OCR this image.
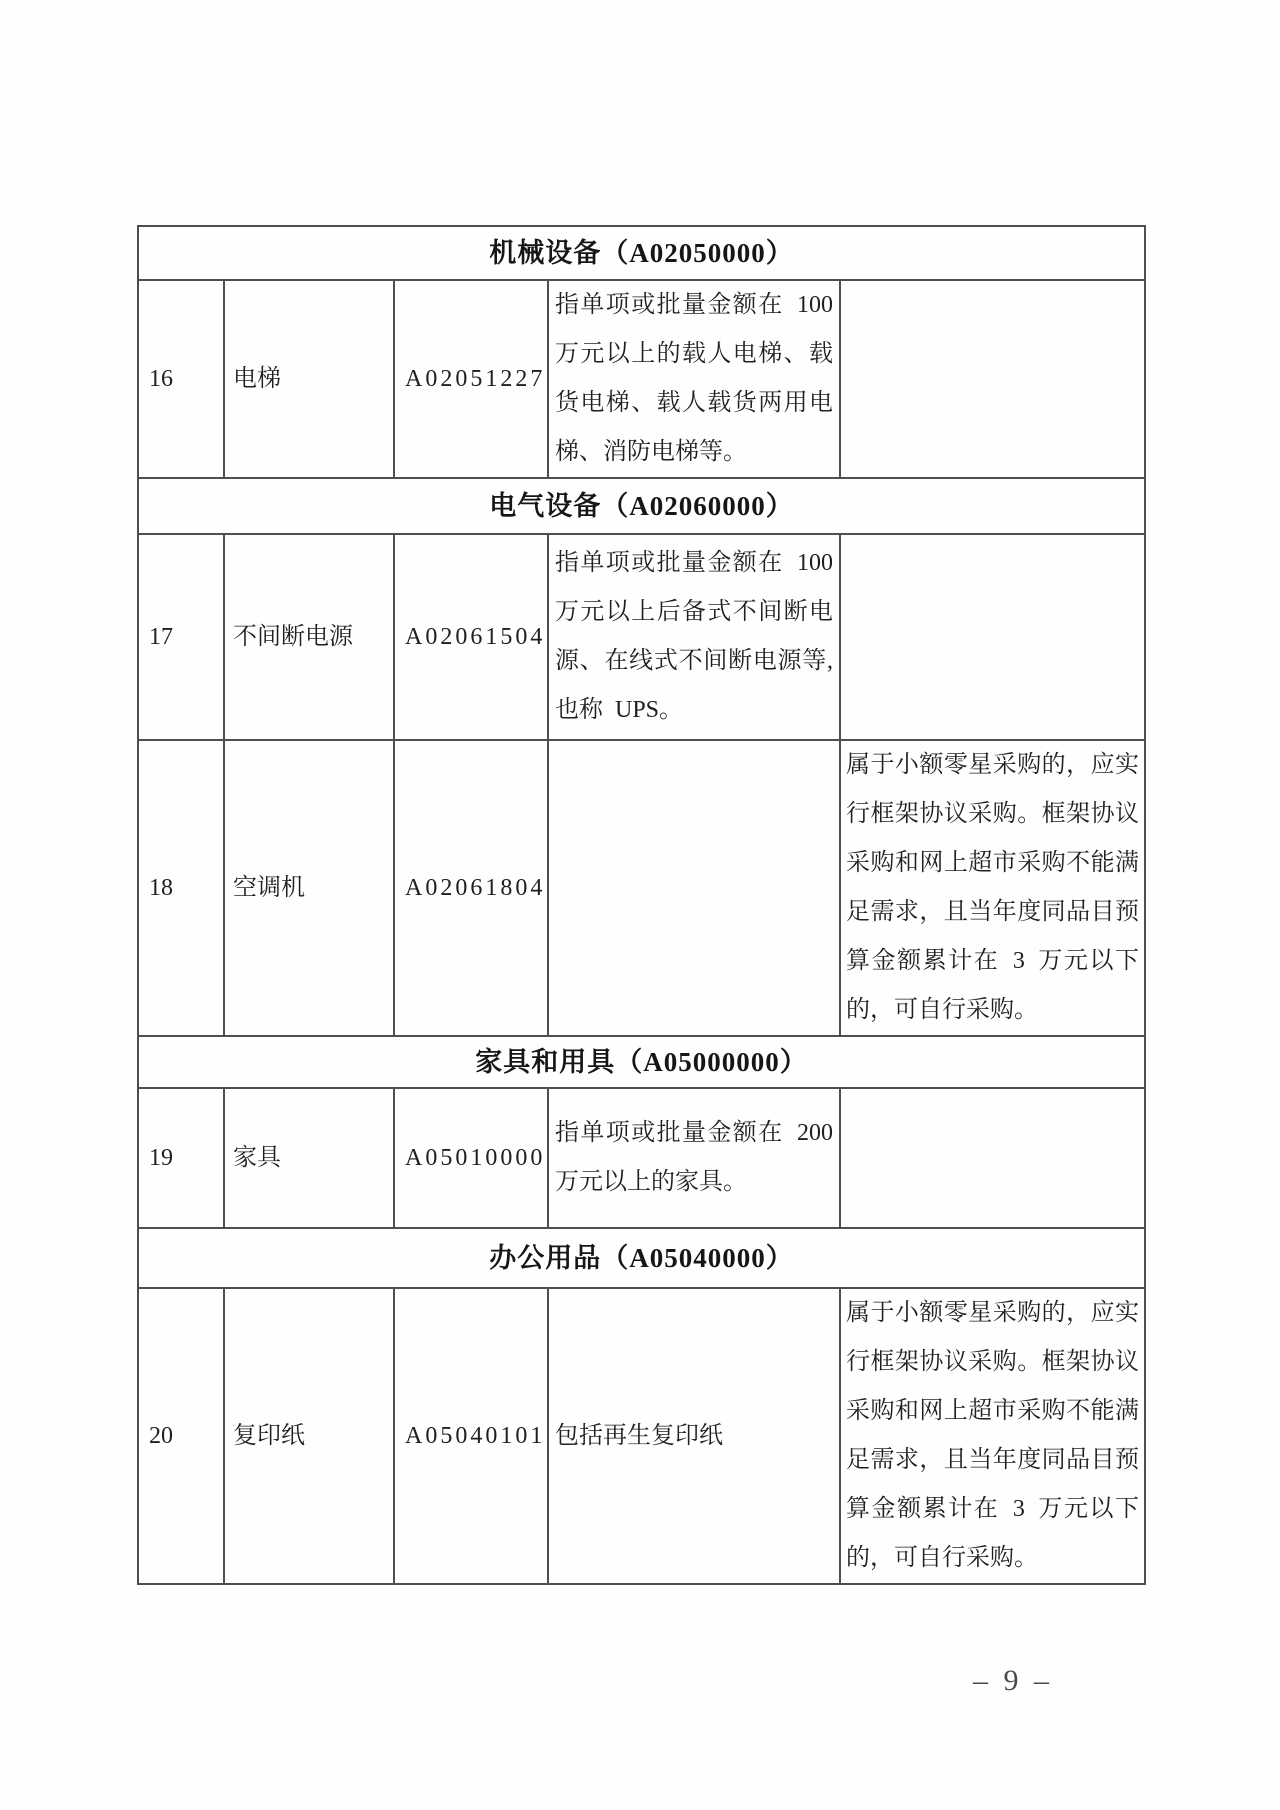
机械设备（A02050000）				
16	电梯	A02051227	指单项或批量金额在 100 万元以上的载人电梯、载货电梯、载人载货两用电梯、消防电梯等。	
电气设备（A02060000）				
17	不间断电源	A02061504	指单项或批量金额在 100 万元以上后备式不间断电源、在线式不间断电源等,也称 UPS。	
18	空调机	A02061804		属于小额零星采购的，应实行框架协议采购。框架协议采购和网上超市采购不能满足需求，且当年度同品目预算金额累计在 3 万元以下的，可自行采购。
家具和用具（A05000000）				
19	家具	A05010000	指单项或批量金额在 200 万元以上的家具。	
办公用品（A05040000）				
20	复印纸	A05040101	包括再生复印纸	属于小额零星采购的，应实行框架协议采购。框架协议采购和网上超市采购不能满足需求，且当年度同品目预算金额累计在 3 万元以下的，可自行采购。
– 9 –
